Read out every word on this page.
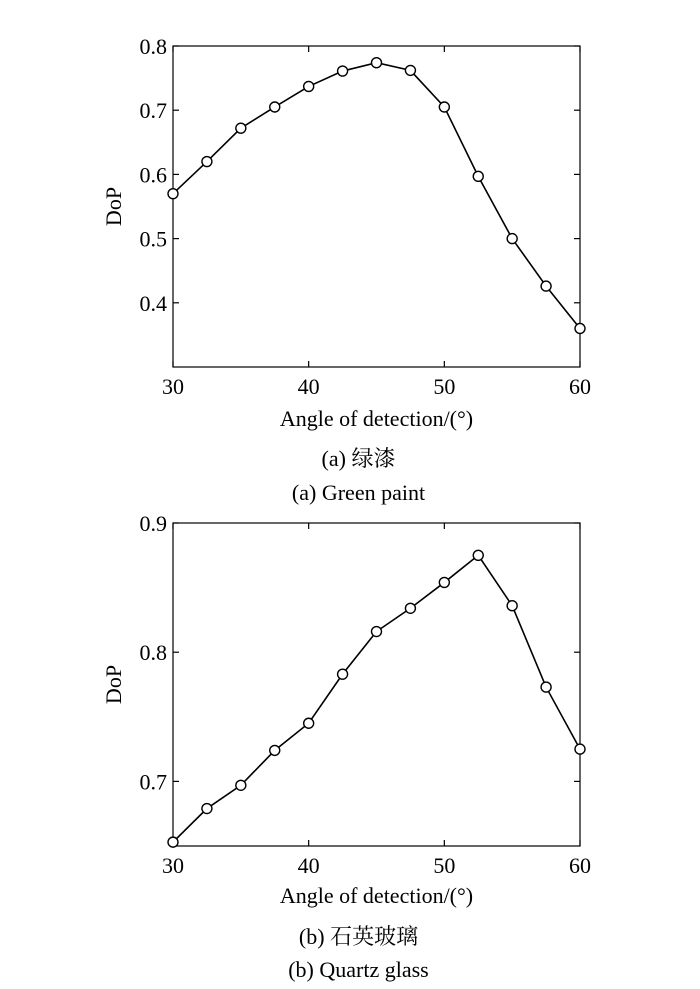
30	40	50	60
0.4
0.5
0.6
0.7
0.8
DoP
Angle of detection/(°)
(a) 绿漆
(a) Green paint
30	40	50	60
0.7
0.8
0.9
DoP
Angle of detection/(°)
(b) 石英玻璃
(b) Quartz glass
